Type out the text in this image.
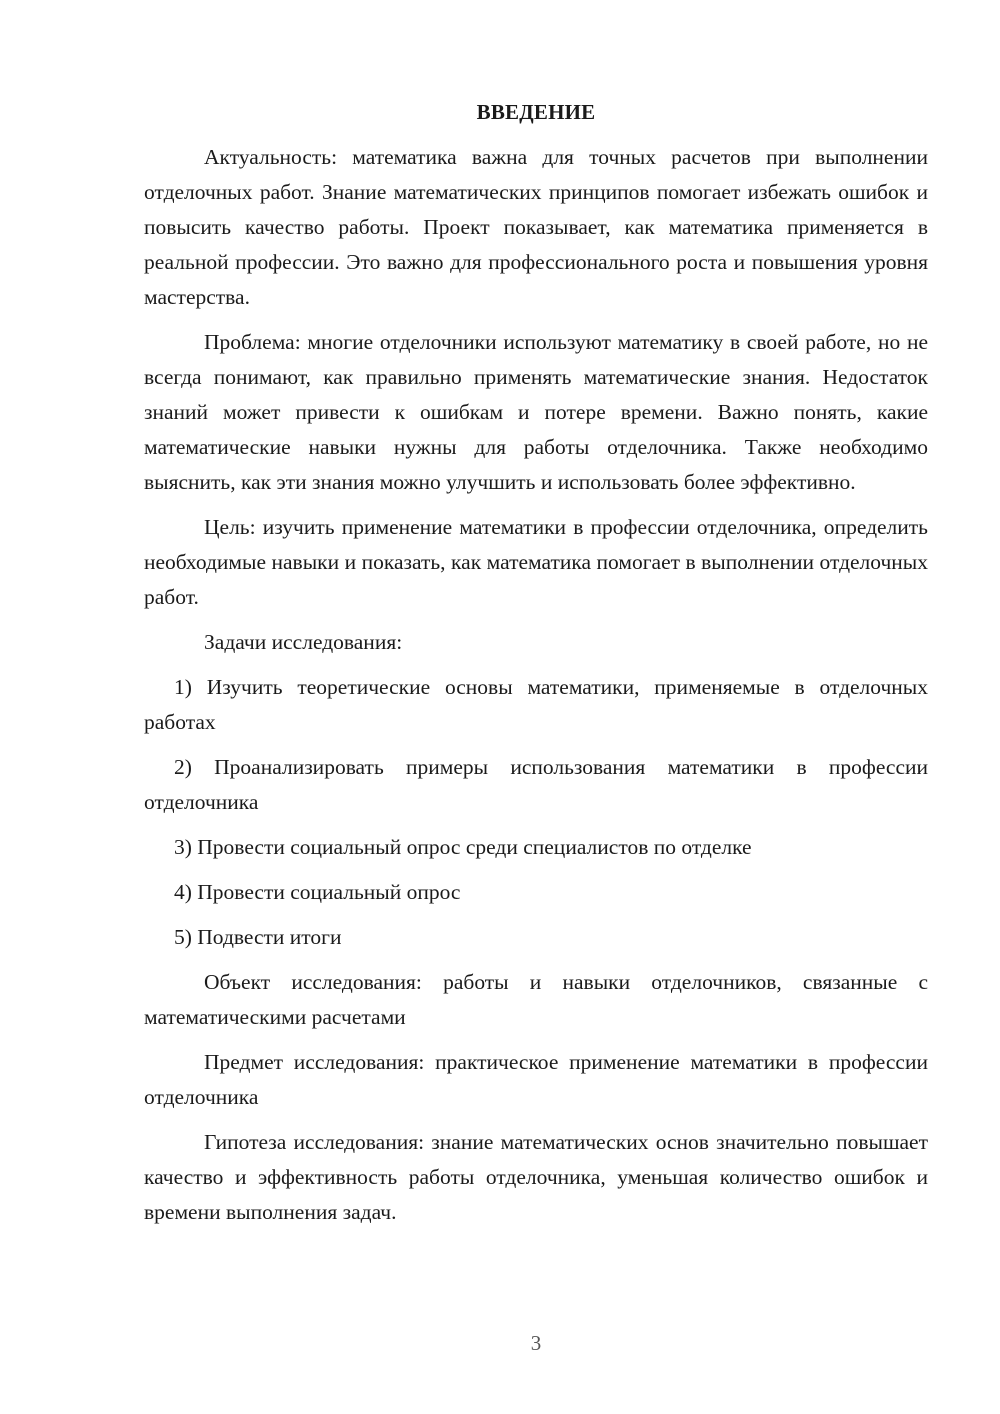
ВВЕДЕНИЕ

Актуальность: математика важна для точных расчетов при выполнении отделочных работ. Знание математических принципов помогает избежать ошибок и повысить качество работы. Проект показывает, как математика применяется в реальной профессии. Это важно для профессионального роста и повышения уровня мастерства.

Проблема: многие отделочники используют математику в своей работе, но не всегда понимают, как правильно применять математические знания. Недостаток знаний может привести к ошибкам и потере времени. Важно понять, какие математические навыки нужны для работы отделочника. Также необходимо выяснить, как эти знания можно улучшить и использовать более эффективно.

Цель: изучить применение математики в профессии отделочника, определить необходимые навыки и показать, как математика помогает в выполнении отделочных работ.

Задачи исследования:

1) Изучить теоретические основы математики, применяемые в отделочных работах

2) Проанализировать примеры использования математики в профессии отделочника

3) Провести социальный опрос среди специалистов по отделке

4) Провести социальный опрос

5) Подвести итоги

Объект исследования: работы и навыки отделочников, связанные с математическими расчетами

Предмет исследования: практическое применение математики в профессии отделочника

Гипотеза исследования: знание математических основ значительно повышает качество и эффективность работы отделочника, уменьшая количество ошибок и времени выполнения задач.

3
